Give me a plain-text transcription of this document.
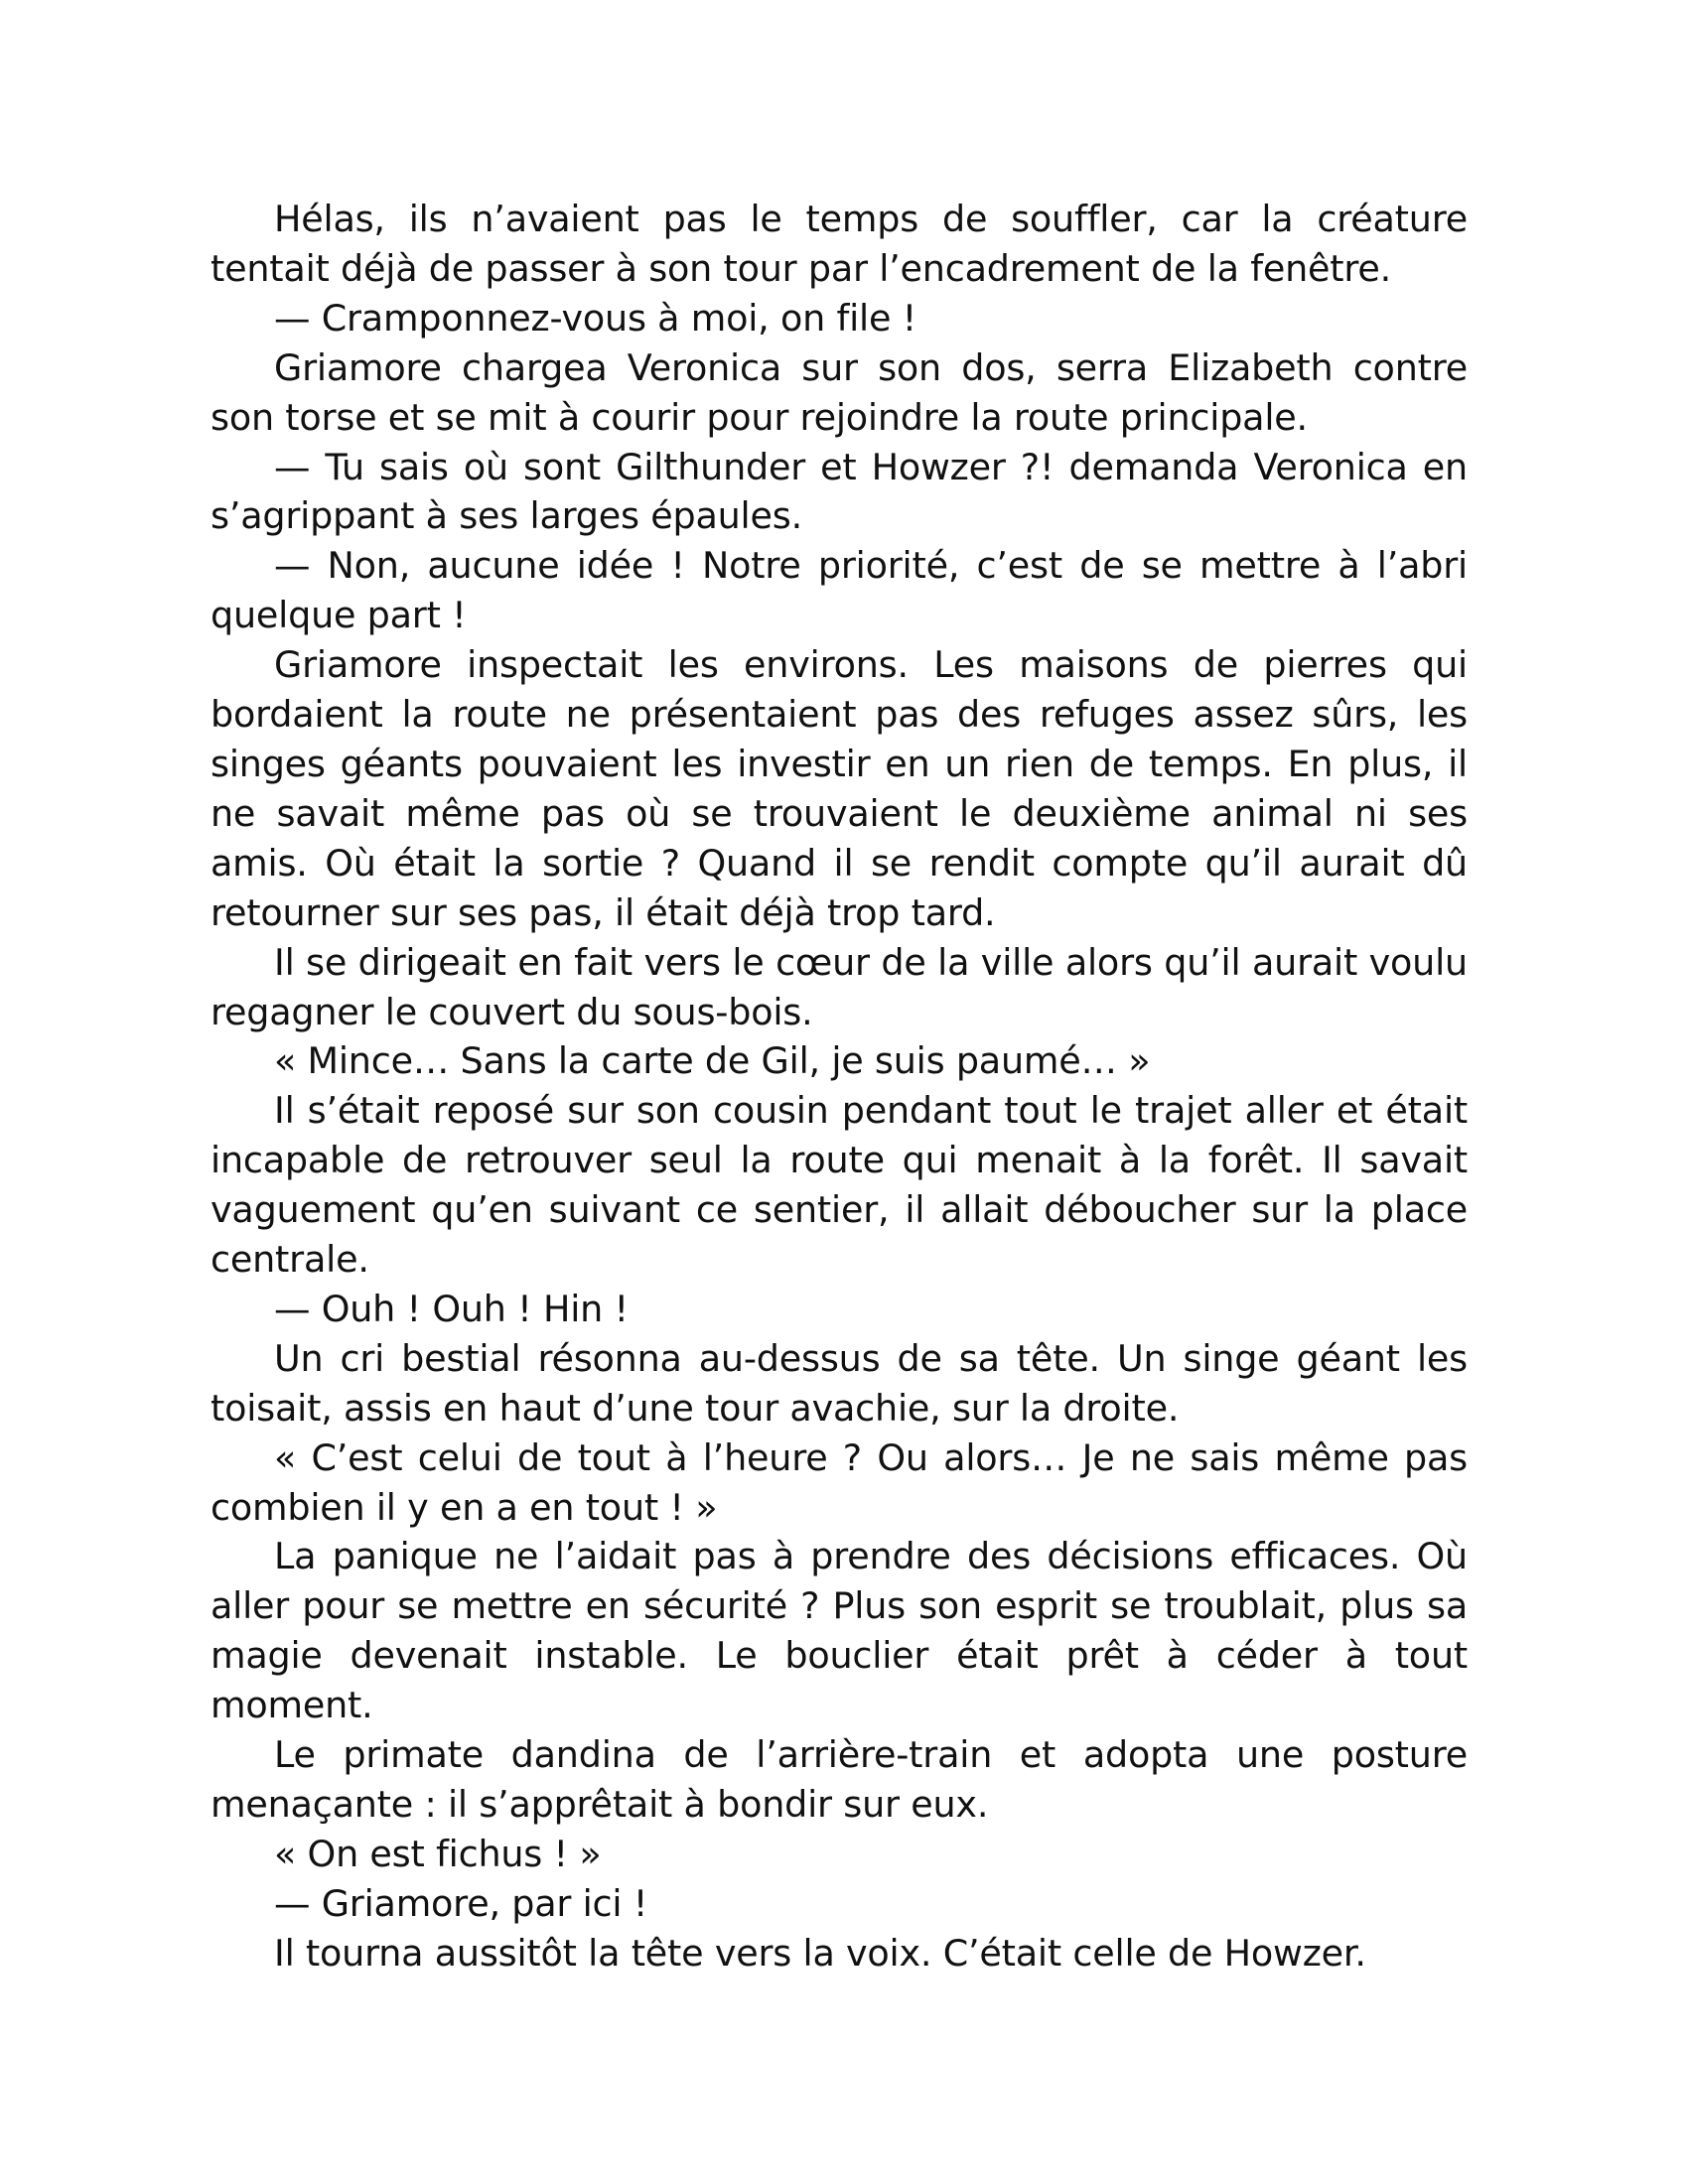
Hélas, ils n’avaient pas le temps de souffler, car la créature tentait déjà de passer à son tour par l’encadrement de la fenêtre.

— Cramponnez-vous à moi, on file !

Griamore chargea Veronica sur son dos, serra Elizabeth contre son torse et se mit à courir pour rejoindre la route principale.

— Tu sais où sont Gilthunder et Howzer ?! demanda Veronica en s’agrippant à ses larges épaules.

— Non, aucune idée ! Notre priorité, c’est de se mettre à l’abri quelque part !

Griamore inspectait les environs. Les maisons de pierres qui bordaient la route ne présentaient pas des refuges assez sûrs, les singes géants pouvaient les investir en un rien de temps. En plus, il ne savait même pas où se trouvaient le deuxième animal ni ses amis. Où était la sortie ? Quand il se rendit compte qu’il aurait dû retourner sur ses pas, il était déjà trop tard.

Il se dirigeait en fait vers le cœur de la ville alors qu’il aurait voulu regagner le couvert du sous-bois.

« Mince… Sans la carte de Gil, je suis paumé… »

Il s’était reposé sur son cousin pendant tout le trajet aller et était incapable de retrouver seul la route qui menait à la forêt. Il savait vaguement qu’en suivant ce sentier, il allait déboucher sur la place centrale.

— Ouh ! Ouh ! Hin !

Un cri bestial résonna au-dessus de sa tête. Un singe géant les toisait, assis en haut d’une tour avachie, sur la droite.

« C’est celui de tout à l’heure ? Ou alors… Je ne sais même pas combien il y en a en tout ! »

La panique ne l’aidait pas à prendre des décisions efficaces. Où aller pour se mettre en sécurité ? Plus son esprit se troublait, plus sa magie devenait instable. Le bouclier était prêt à céder à tout moment.

Le primate dandina de l’arrière-train et adopta une posture menaçante : il s’apprêtait à bondir sur eux.

« On est fichus ! »

— Griamore, par ici !

Il tourna aussitôt la tête vers la voix. C’était celle de Howzer.
